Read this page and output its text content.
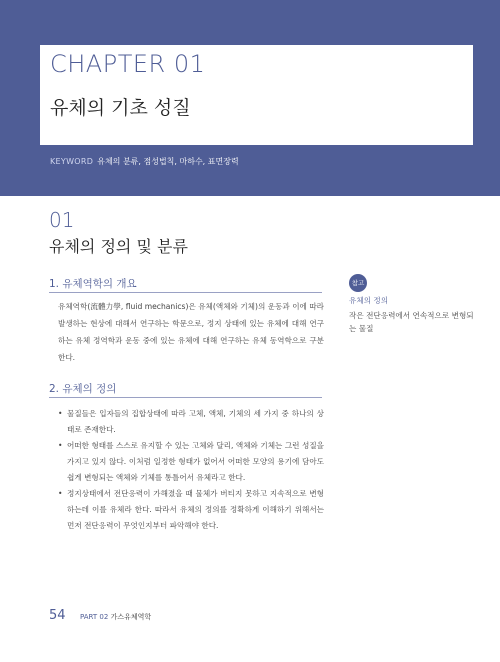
CHAPTER 01
유체의 기초 성질
KEYWORD 유체의 분류, 점성법칙, 마하수, 표면장력
01
유체의 정의 및 분류
1. 유체역학의 개요
유체역학(流體力學, fluid mechanics)은 유체(액체와 기체)의 운동과 이에 따라 발생하는 현상에 대해서 연구하는 학문으로, 정지 상태에 있는 유체에 대해 연구하는 유체 정역학과 운동 중에 있는 유체에 대해 연구하는 유체 동역학으로 구분한다.
2. 유체의 정의
• 물질들은 입자들의 집합상태에 따라 고체, 액체, 기체의 세 가지 중 하나의 상태로 존재한다.
• 어떠한 형태를 스스로 유지할 수 있는 고체와 달리, 액체와 기체는 그런 성질을 가지고 있지 않다. 이처럼 일정한 형태가 없어서 어떠한 모양의 용기에 담아도 쉽게 변형되는 액체와 기체를 통틀어서 유체라고 한다.
• 정지상태에서 전단응력이 가해졌을 때 물체가 버티지 못하고 지속적으로 변형하는데 이를 유체라 한다. 따라서 유체의 정의를 정확하게 이해하기 위해서는 먼저 전단응력이 무엇인지부터 파악해야 한다.
참고
유체의 정의
작은 전단응력에서 연속적으로 변형되는 물질
54 PART 02 가스유체역학
